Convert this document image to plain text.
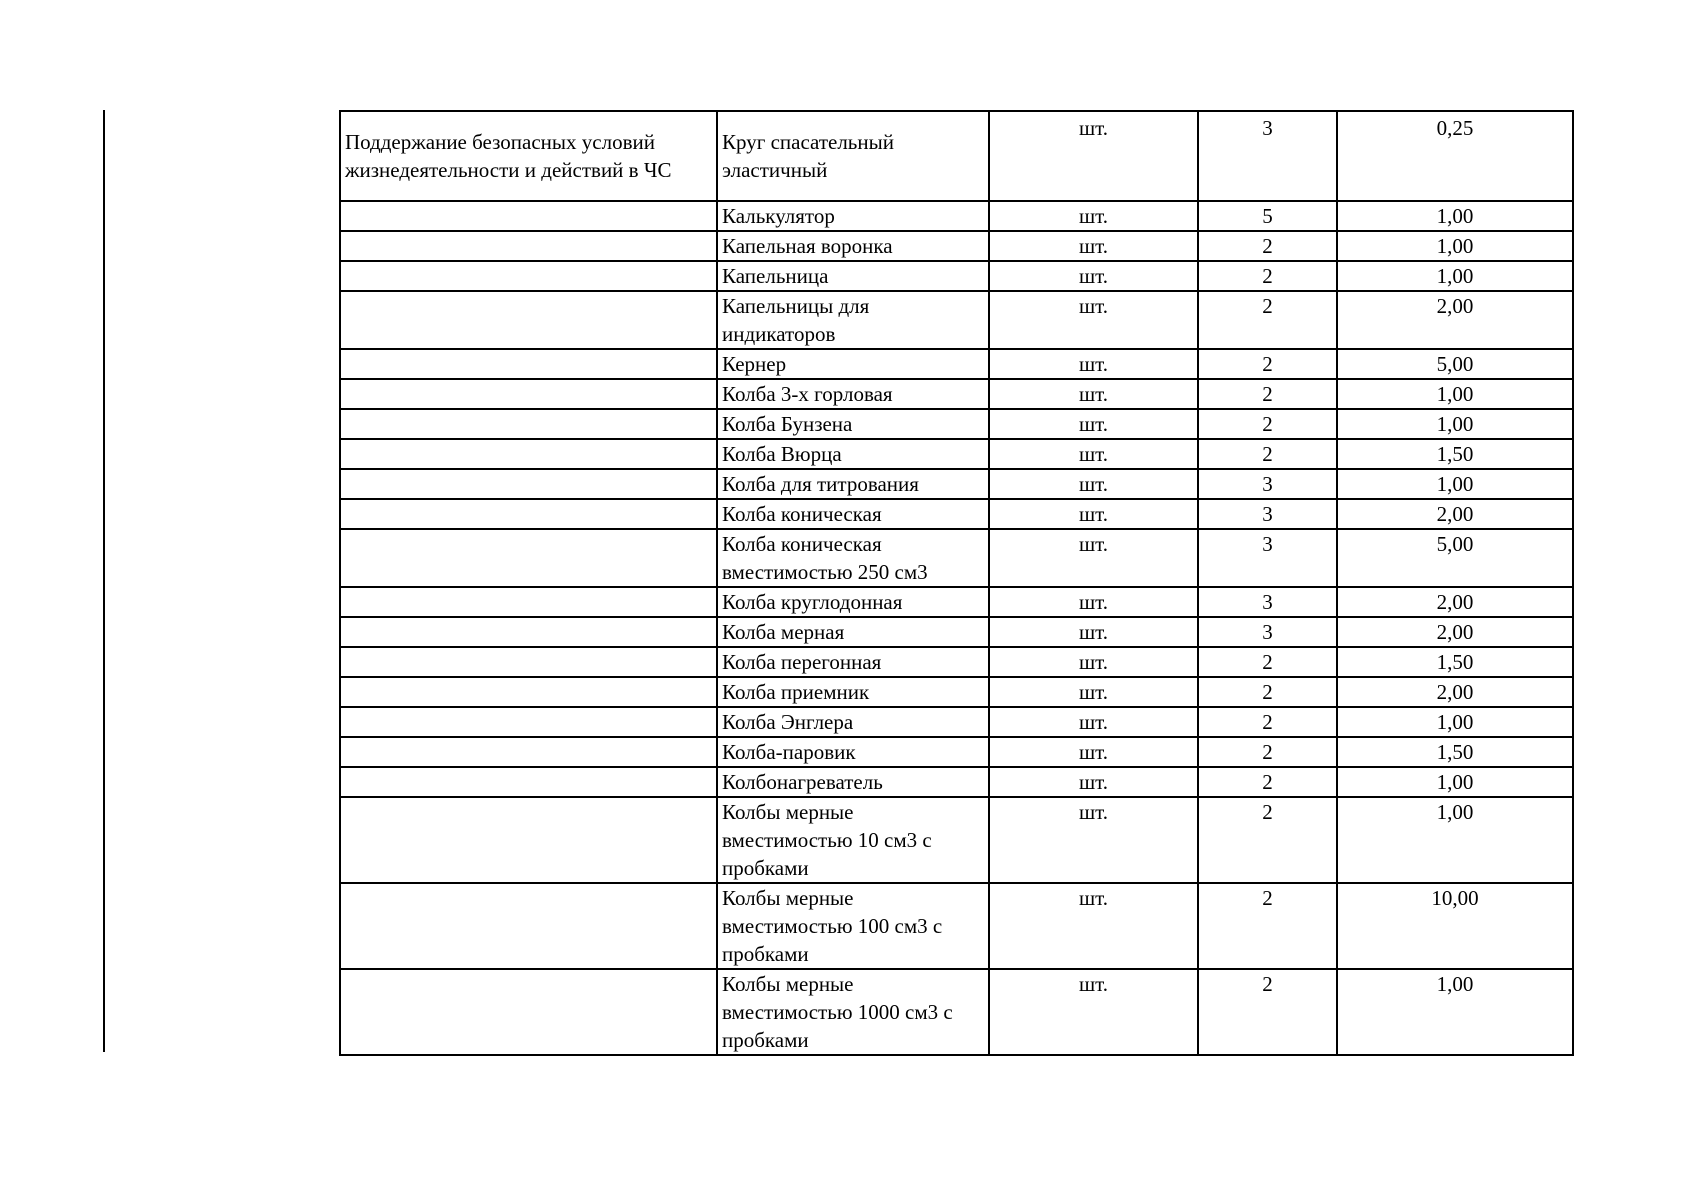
Поддержание безопасных условий жизнедеятельности и действий в ЧС	Круг спасательный эластичный	шт.	3	0,25
	Калькулятор	шт.	5	1,00
	Капельная воронка	шт.	2	1,00
	Капельница	шт.	2	1,00
	Капельницы для индикаторов	шт.	2	2,00
	Кернер	шт.	2	5,00
	Колба 3-х горловая	шт.	2	1,00
	Колба Бунзена	шт.	2	1,00
	Колба Вюрца	шт.	2	1,50
	Колба для титрования	шт.	3	1,00
	Колба коническая	шт.	3	2,00
	Колба коническая вместимостью 250 см3	шт.	3	5,00
	Колба круглодонная	шт.	3	2,00
	Колба мерная	шт.	3	2,00
	Колба перегонная	шт.	2	1,50
	Колба приемник	шт.	2	2,00
	Колба Энглера	шт.	2	1,00
	Колба-паровик	шт.	2	1,50
	Колбонагреватель	шт.	2	1,00
	Колбы мерные вместимостью 10 см3 с пробками	шт.	2	1,00
	Колбы мерные вместимостью 100 см3 с пробками	шт.	2	10,00
	Колбы мерные вместимостью 1000 см3 с пробками	шт.	2	1,00
